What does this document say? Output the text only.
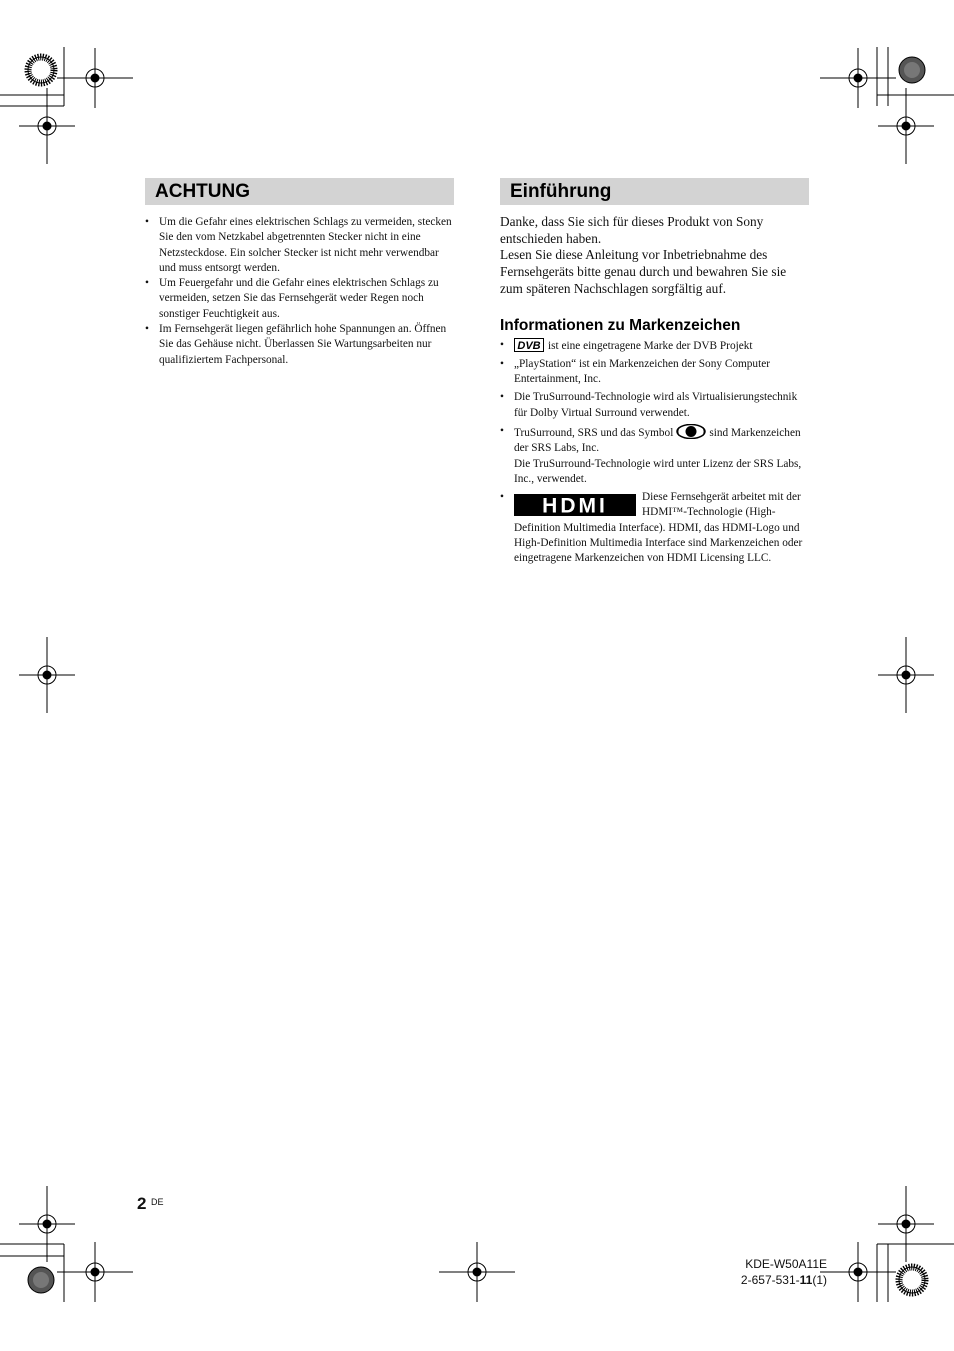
ACHTUNG
• Um die Gefahr eines elektrischen Schlags zu vermeiden, stecken Sie den vom Netzkabel abgetrennten Stecker nicht in eine Netzsteckdose. Ein solcher Stecker ist nicht mehr verwendbar und muss entsorgt werden.
• Um Feuergefahr und die Gefahr eines elektrischen Schlags zu vermeiden, setzen Sie das Fernsehgerät weder Regen noch sonstiger Feuchtigkeit aus.
• Im Fernsehgerät liegen gefährlich hohe Spannungen an. Öffnen Sie das Gehäuse nicht. Überlassen Sie Wartungsarbeiten nur qualifiziertem Fachpersonal.
Einführung

Danke, dass Sie sich für dieses Produkt von Sony entschieden haben.

Lesen Sie diese Anleitung vor Inbetriebnahme des Fernsehgeräts bitte genau durch und bewahren Sie sie zum späteren Nachschlagen sorgfältig auf.

Informationen zu Markenzeichen
• DVB ist eine eingetragene Marke der DVB Projekt
• „PlayStation“ ist ein Markenzeichen der Sony Computer Entertainment, Inc.
• Die TruSurround-Technologie wird als Virtualisierungstechnik für Dolby Virtual Surround verwendet.
• TruSurround, SRS und das Symbol	sind Markenzeichen der SRS Labs, Inc.
Die TruSurround-Technologie wird unter Lizenz der SRS Labs, Inc., verwendet.
• HDMI	Diese Fernsehgerät arbeitet mit der HDMI™-Technologie (High-Definition Multimedia Interface). HDMI, das HDMI-Logo und High-Definition Multimedia Interface sind Markenzeichen oder eingetragene Markenzeichen von HDMI Licensing LLC.
2 DE
KDE-W50A11E
2-657-531-11(1)
